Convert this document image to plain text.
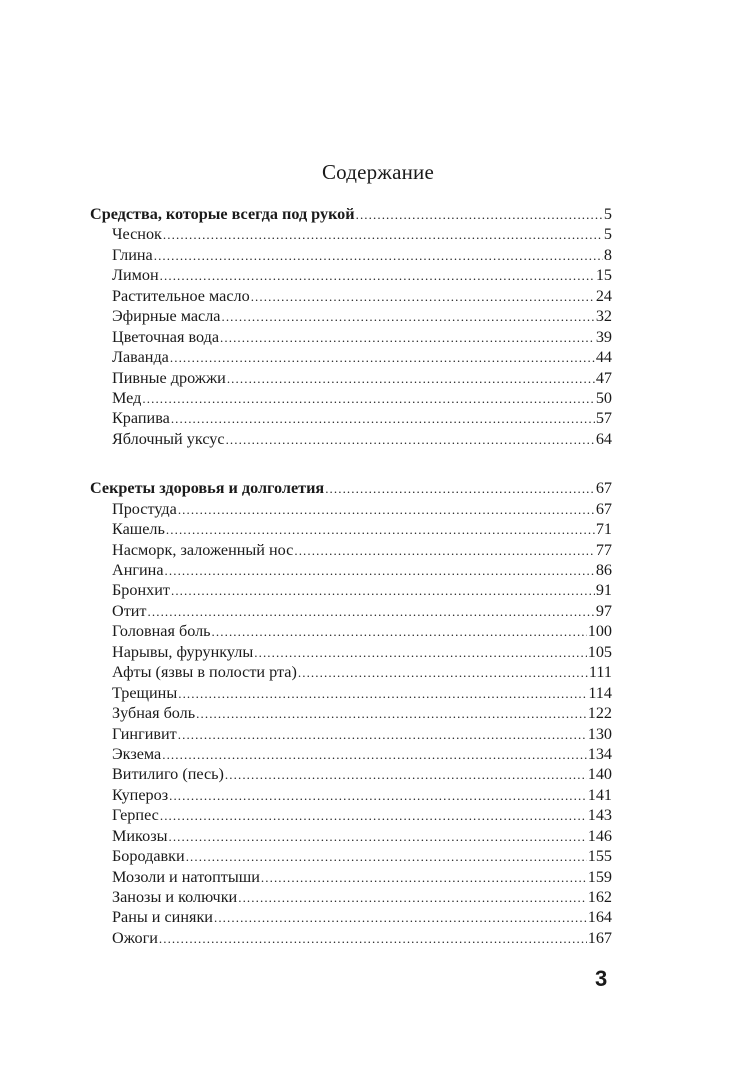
Содержание
Средства, которые всегда под рукой .....	5
Чеснок .....	5
Глина .....	8
Лимон .....	15
Растительное масло .....	24
Эфирные масла .....	32
Цветочная вода .....	39
Лаванда .....	44
Пивные дрожжи .....	47
Мед .....	50
Крапива .....	57
Яблочный уксус .....	64
Секреты здоровья и долголетия .....	67
Простуда .....	67
Кашель .....	71
Насморк, заложенный нос .....	77
Ангина .....	86
Бронхит .....	91
Отит .....	97
Головная боль .....	100
Нарывы, фурункулы .....	105
Афты (язвы в полости рта) .....	111
Трещины .....	114
Зубная боль .....	122
Гингивит .....	130
Экзема .....	134
Витилиго (песь) .....	140
Купероз .....	141
Герпес .....	143
Микозы .....	146
Бородавки .....	155
Мозоли и натоптыши .....	159
Занозы и колючки .....	162
Раны и синяки .....	164
Ожоги .....	167
3
